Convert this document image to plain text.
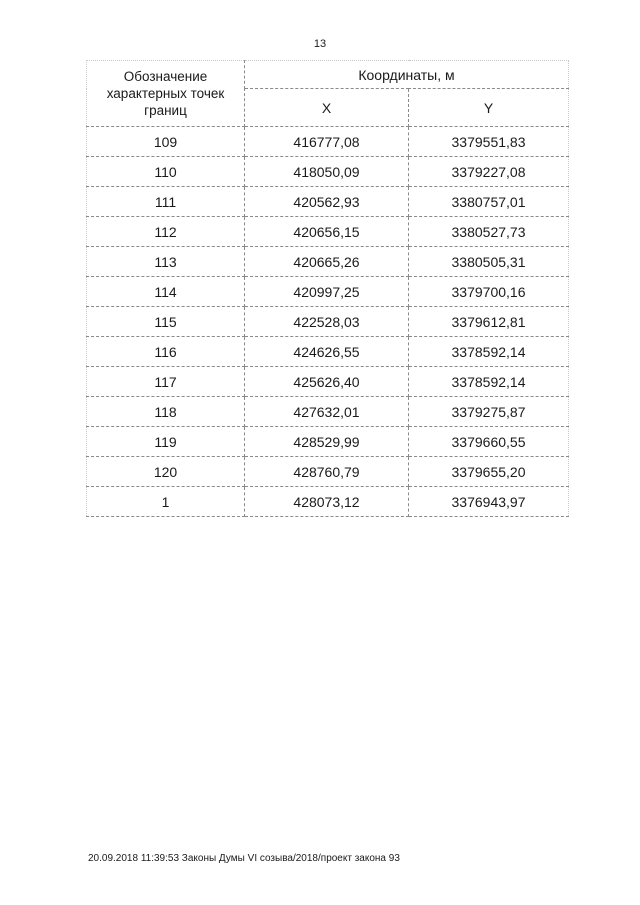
13
Обозначение характерных точек границ	Координаты, м	
	X	Y
109	416777,08	3379551,83
110	418050,09	3379227,08
111	420562,93	3380757,01
112	420656,15	3380527,73
113	420665,26	3380505,31
114	420997,25	3379700,16
115	422528,03	3379612,81
116	424626,55	3378592,14
117	425626,40	3378592,14
118	427632,01	3379275,87
119	428529,99	3379660,55
120	428760,79	3379655,20
1	428073,12	3376943,97
20.09.2018 11:39:53 Законы Думы VI созыва/2018/проект закона 93
